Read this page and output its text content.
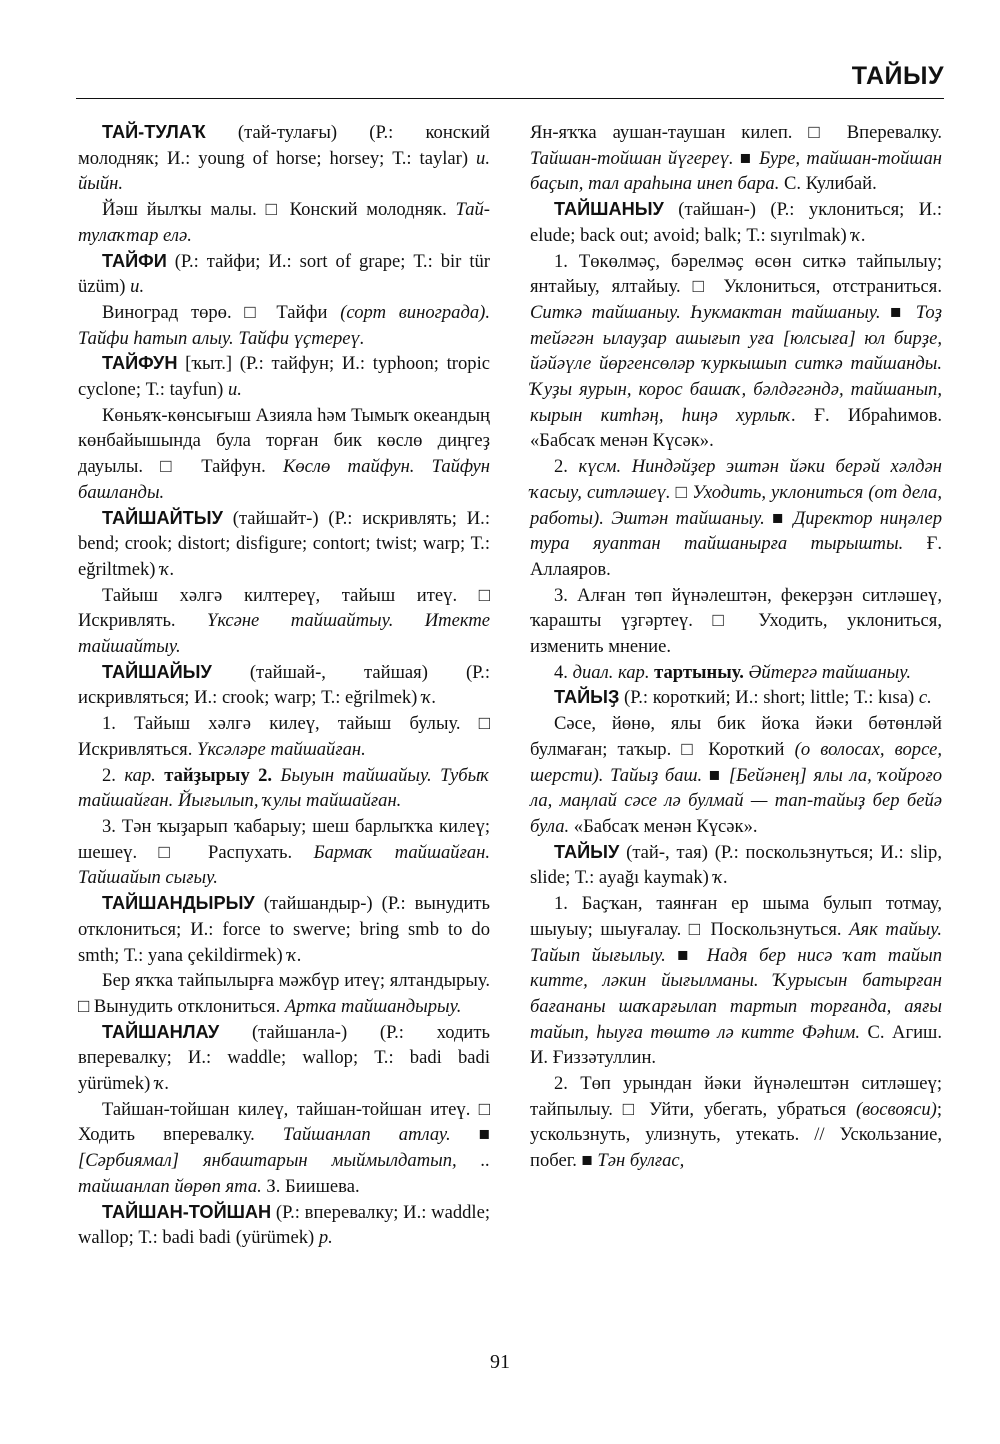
ТАЙЫУ

ТАЙ-ТУЛАҠ (тай-тулағы) (Р.: конский молодняк; И.: young of horse; horsey; Т.: taylar) и. йыйн.

Йәш йылҡы малы. □ Конский молодняк. Тай-тулаҡтар елә.

ТАЙФИ (Р.: тайфи; И.: sort of grape; Т.: bir tür üzüm) и.

Виноград төрө. □ Тайфи (сорт винограда). Тайфи һатып алыу. Тайфи үҫтереү.

ТАЙФУН [ҡыт.] (Р.: тайфун; И.: typhoon; tropic cyclone; Т.: tayfun) и.

Көньяҡ-көнсығыш Азияла һәм Тымыҡ океандың көнбайышында була торған бик көслө диңгеҙ дауылы. □ Тайфун. Көслө тайфун. Тайфун башланды.

ТАЙШАЙТЫУ (тайшайт-) (Р.: искривлять; И.: bend; crook; distort; disfigure; contort; twist; warp; Т.: eğriltmek) ҡ.

Тайыш хәлгә килтереү, тайыш итеү. □ Искривлять. Үксәне тайшайтыу. Итекте тайшайтыу.

ТАЙШАЙЫУ (тайшай-, тайшая) (Р.: искривляться; И.: crook; warp; Т.: eğrilmek) ҡ.

1. Тайыш хәлгә килеү, тайыш булыу. □ Искривляться. Үксәләре тайшайған.

2. кар. тайҙырыу 2. Быуын тайшайыу. Тубыҡ тайшайған. Йығылып, ҡулы тайшайған.

3. Тән ҡыҙарып ҡабарыу; шеш барлыҡҡа килеү; шешеү. □ Распухать. Бармаҡ тайшайған. Тайшайып сығыу.

ТАЙШАНДЫРЫУ (тайшандыр-) (Р.: вынудить отклониться; И.: force to swerve; bring smb to do smth; Т.: yana çekildirmek) ҡ.

Бер яҡҡа тайпылырға мәжбүр итеү; ялтандырыу. □ Вынудить отклониться. Артка тайшандырыу.

ТАЙШАНЛАУ (тайшанла-) (Р.: ходить вперевалку; И.: waddle; wallop; Т.: badi badi yürümek) ҡ.

Тайшан-тойшан килеү, тайшан-тойшан итеү. □ Ходить вперевалку. Тайшанлап атлау. ■ [Сәрбиямал] янбаштарын мыймылдатып, .. тайшанлап йөрөп ята. З. Биишева.

ТАЙШАН-ТОЙШАН (Р.: вперевалку; И.: waddle; wallop; Т.: badi badi (yürümek) р.

Ян-яҡҡа аушан-таушан килеп. □ Вперевалку. Тайшан-тойшан йүгереү. ■ Буре, тайшан-тойшан баҫып, тал араһына инеп бара. С. Кулибай.

ТАЙШАНЫУ (тайшан-) (Р.: уклониться; И.: elude; back out; avoid; balk; Т.: sıyrılmak) ҡ.

1. Төкөлмәҫ, бәрелмәҫ өсөн ситкә тайпылыу; янтайыу, ялтайыу. □ Уклониться, отстраниться. Ситкә тайшаныу. Һукмактан тайшаныу. ■ Тоҙ тейәгән ылауҙар ашығып уға [юлсыға] юл бирҙе, йәйәүле йөргенсөләр ҡуркышып ситкә тайшанды. Ҡуҙы яурын, корос башаҡ, бәлдәгәндә, тайшанып, кырын китһәң, һиңә хурлыҡ. Ғ. Ибраһимов. «Бабсаҡ менән Күсәк».

2. күсм. Ниндәйҙер эштән йәки берәй хәлдән ҡасыу, ситләшеү. □ Уходить, уклониться (от дела, работы). Эштән тайшаныу. ■ Директор ниңәлер тура яуаптан тайшанырға тырышты. Ғ. Аллаяров.

3. Алған төп йүнәлештән, фекерҙән ситләшеү, ҡарашты үҙгәртеү. □ Уходить, уклониться, изменить мнение.

4. диал. кар. тартыныу. Әйтергә тайшаныу.

ТАЙЫҘ (Р.: короткий; И.: short; little; Т.: kısa) с.

Сәсе, йөнө, ялы бик йоҡа йәки бөтөнләй булмаған; таҡыр. □ Короткий (о волосах, ворсе, шерсти). Тайыҙ баш. ■ [Бейәнең] ялы ла, ҡойроғо ла, маңлай сәсе лә булмай — тап-тайыҙ бер бейә була. «Бабсаҡ менән Күсәк».

ТАЙЫУ (тай-, тая) (Р.: поскользнуться; И.: slip, slide; Т.: ayağı kaymak) ҡ.

1. Баҫҡан, таянған ер шыма булып тотмау, шыуыу; шыуғалау. □ Поскользнуться. Аяк тайыу. Тайып йығылыу. ■ Надя бер нисә ҡат тайып китте, ләкин йығылманы. Ҡурысын батырған бағананы шаҡарғылап тартып торғанда, аяғы тайып, һыуға төштө лә китте Фәһим. С. Агиш. И. Ғиззәтуллин.

2. Төп урындан йәки йүнәлештән ситләшеү; тайпылыу. □ Уйти, убегать, убраться (восвояси); ускользнуть, улизнуть, утекать. // Ускользание, побег. ■ Тән булғас,

91
